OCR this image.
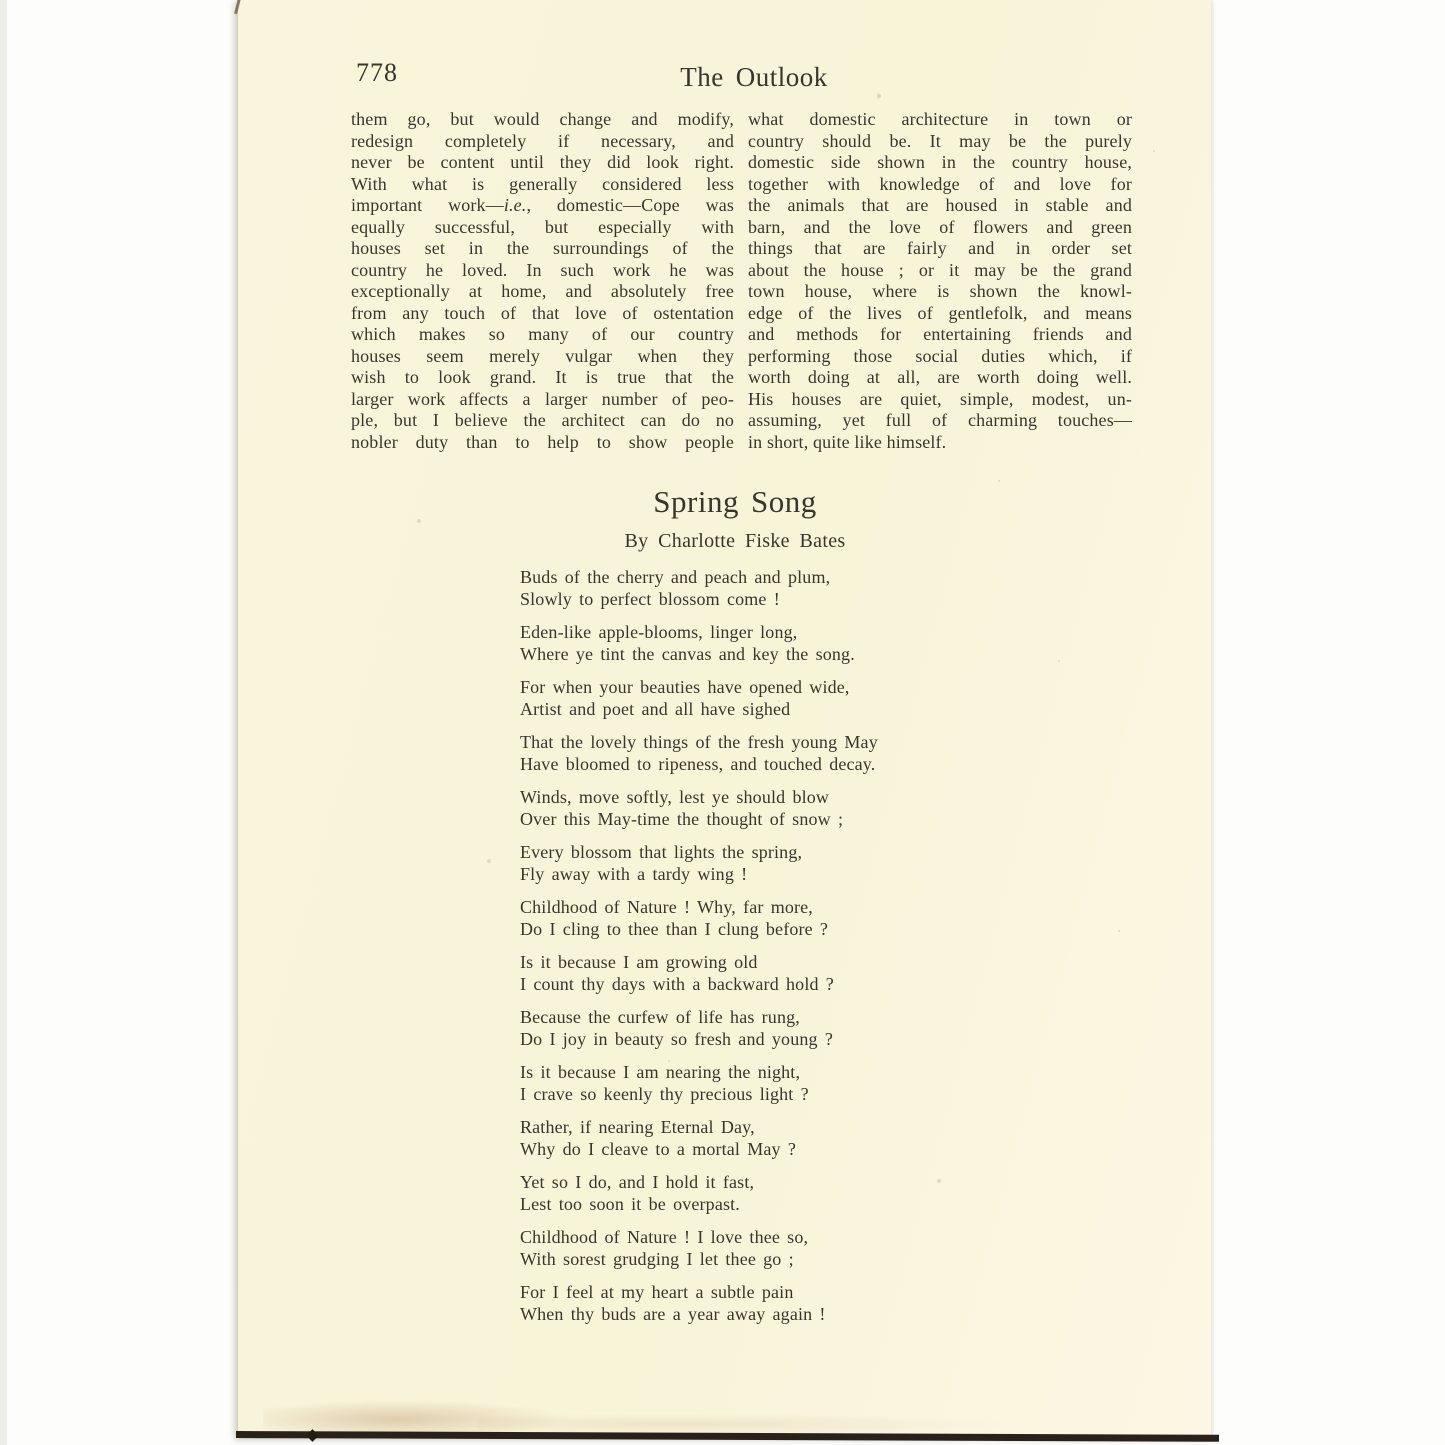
778	The Outlook
them go, but would change and modify,
redesign completely if necessary, and
never be content until they did look right.
With what is generally considered less
important work—i.e., domestic—Cope was
equally successful, but especially with
houses set in the surroundings of the
country he loved. In such work he was
exceptionally at home, and absolutely free
from any touch of that love of ostentation
which makes so many of our country
houses seem merely vulgar when they
wish to look grand. It is true that the
larger work affects a larger number of peo-
ple, but I believe the architect can do no
nobler duty than to help to show people
what domestic architecture in town or
country should be. It may be the purely
domestic side shown in the country house,
together with knowledge of and love for
the animals that are housed in stable and
barn, and the love of flowers and green
things that are fairly and in order set
about the house ; or it may be the grand
town house, where is shown the knowl-
edge of the lives of gentlefolk, and means
and methods for entertaining friends and
performing those social duties which, if
worth doing at all, are worth doing well.
His houses are quiet, simple, modest, un-
assuming, yet full of charming touches—
in short, quite like himself.
Spring Song
By Charlotte Fiske Bates
Buds of the cherry and peach and plum,
Slowly to perfect blossom come !
Eden-like apple-blooms, linger long,
Where ye tint the canvas and key the song.
For when your beauties have opened wide,
Artist and poet and all have sighed
That the lovely things of the fresh young May
Have bloomed to ripeness, and touched decay.
Winds, move softly, lest ye should blow
Over this May-time the thought of snow ;
Every blossom that lights the spring,
Fly away with a tardy wing !
Childhood of Nature ! Why, far more,
Do I cling to thee than I clung before ?
Is it because I am growing old
I count thy days with a backward hold ?
Because the curfew of life has rung,
Do I joy in beauty so fresh and young ?
Is it because I am nearing the night,
I crave so keenly thy precious light ?
Rather, if nearing Eternal Day,
Why do I cleave to a mortal May ?
Yet so I do, and I hold it fast,
Lest too soon it be overpast.
Childhood of Nature ! I love thee so,
With sorest grudging I let thee go ;
For I feel at my heart a subtle pain
When thy buds are a year away again !
